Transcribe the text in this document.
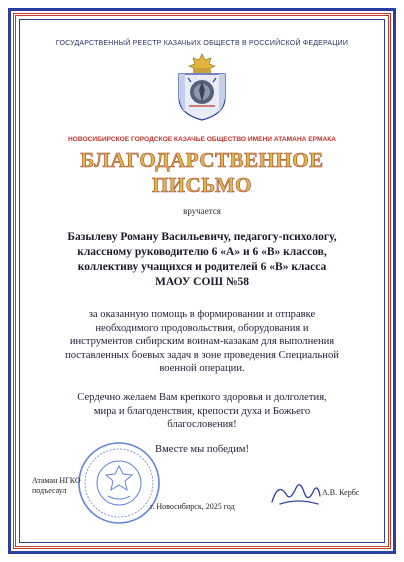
ГОСУДАРСТВЕННЫЙ РЕЕСТР КАЗАЧЬИХ ОБЩЕСТВ В РОССИЙСКОЙ ФЕДЕРАЦИИ
НОВОСИБИРСКОЕ ГОРОДСКОЕ КАЗАЧЬЕ ОБЩЕСТВО ИМЕНИ АТАМАНА ЕРМАКА
БЛАГОДАРСТВЕННОЕ
ПИСЬМО
вручается
Базылеву Роману Васильевичу, педагогу-психологу,
классному руководителю 6 «А» и 6 «В» классов,
коллективу учащихся и родителей 6 «В» класса
МАОУ СОШ №58
за оказанную помощь в формировании и отправке
необходимого продовольствия, оборудования и
инструментов сибирским воинам-казакам для выполнения
поставленных боевых задач в зоне проведения Специальной
военной операции.
Сердечно желаем Вам крепкого здоровья и долголетия,
мира и благоденствия, крепости духа и Божьего
благословения!
Вместе мы победим!
Атаман НГКО
подъесаул
г. Новосибирск, 2025 год
А.В. Кербс
